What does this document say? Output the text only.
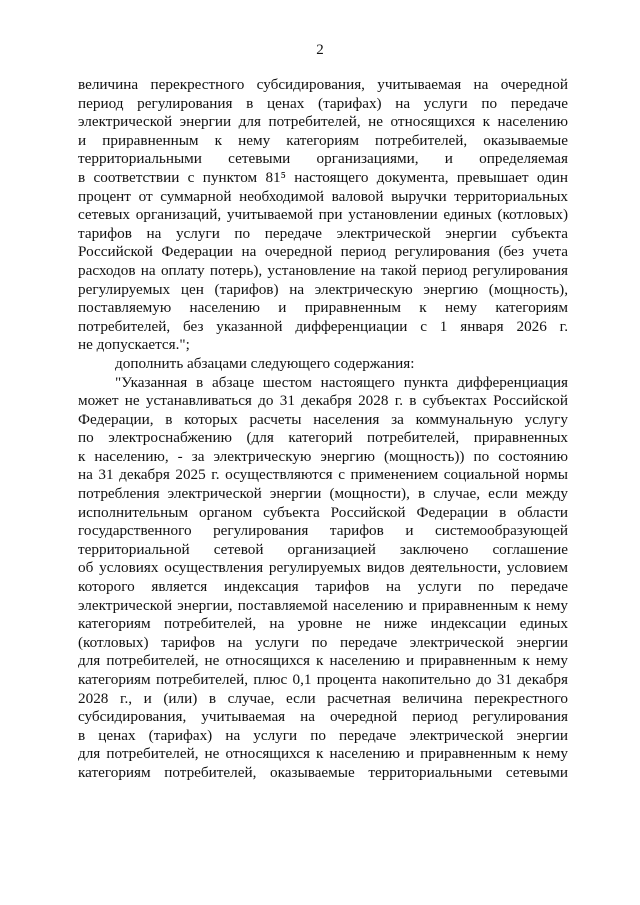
2
величина перекрестного субсидирования, учитываемая на очередной
период регулирования в ценах (тарифах) на услуги по передаче
электрической энергии для потребителей, не относящихся к населению
и приравненным к нему категориям потребителей, оказываемые
территориальными сетевыми организациями, и определяемая
в соответствии с пунктом 81⁵ настоящего документа, превышает один
процент от суммарной необходимой валовой выручки территориальных
сетевых организаций, учитываемой при установлении единых (котловых)
тарифов на услуги по передаче электрической энергии субъекта
Российской Федерации на очередной период регулирования (без учета
расходов на оплату потерь), установление на такой период регулирования
регулируемых цен (тарифов) на электрическую энергию (мощность),
поставляемую населению и приравненным к нему категориям
потребителей, без указанной дифференциации с 1 января 2026 г.
не допускается.";
дополнить абзацами следующего содержания:
"Указанная в абзаце шестом настоящего пункта дифференциация
может не устанавливаться до 31 декабря 2028 г. в субъектах Российской
Федерации, в которых расчеты населения за коммунальную услугу
по электроснабжению (для категорий потребителей, приравненных
к населению, - за электрическую энергию (мощность)) по состоянию
на 31 декабря 2025 г. осуществляются с применением социальной нормы
потребления электрической энергии (мощности), в случае, если между
исполнительным органом субъекта Российской Федерации в области
государственного регулирования тарифов и системообразующей
территориальной сетевой организацией заключено соглашение
об условиях осуществления регулируемых видов деятельности, условием
которого является индексация тарифов на услуги по передаче
электрической энергии, поставляемой населению и приравненным к нему
категориям потребителей, на уровне не ниже индексации единых
(котловых) тарифов на услуги по передаче электрической энергии
для потребителей, не относящихся к населению и приравненным к нему
категориям потребителей, плюс 0,1 процента накопительно до 31 декабря
2028 г., и (или) в случае, если расчетная величина перекрестного
субсидирования, учитываемая на очередной период регулирования
в ценах (тарифах) на услуги по передаче электрической энергии
для потребителей, не относящихся к населению и приравненным к нему
категориям потребителей, оказываемые территориальными сетевыми
